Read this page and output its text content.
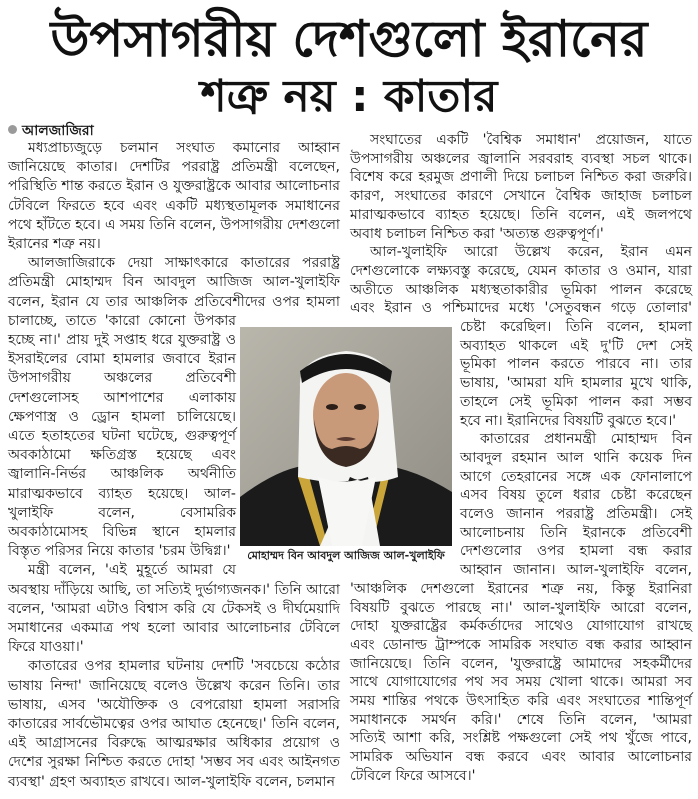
উপসাগরীয় দেশগুলো ইরানের
শত্রু নয় : কাতার
আলজাজিরা
মধ্যপ্রাচ্যজুড়ে চলমান সংঘাত কমানোর আহ্বান
জানিয়েছে কাতার। দেশটির পররাষ্ট্র প্রতিমন্ত্রী বলেছেন,
পরিস্থিতি শান্ত করতে ইরান ও যুক্তরাষ্ট্রকে আবার আলোচনার
টেবিলে ফিরতে হবে এবং একটি মধ্যস্থতামূলক সমাধানের
পথে হাঁটতে হবে। এ সময় তিনি বলেন, উপসাগরীয় দেশগুলো
ইরানের শত্রু নয়।
আলজাজিরাকে দেয়া সাক্ষাৎকারে কাতারের পররাষ্ট্র
প্রতিমন্ত্রী মোহাম্মদ বিন আবদুল আজিজ আল-খুলাইফি
বলেন, ইরান যে তার আঞ্চলিক প্রতিবেশীদের ওপর হামলা
চালাচ্ছে, তাতে 'কারো কোনো উপকার
হচ্ছে না।' প্রায় দুই সপ্তাহ ধরে যুক্তরাষ্ট্র ও
ইসরাইলের বোমা হামলার জবাবে ইরান
উপসাগরীয় অঞ্চলের প্রতিবেশী
দেশগুলোসহ আশপাশের এলাকায়
ক্ষেপণাস্ত্র ও ড্রোন হামলা চালিয়েছে।
এতে হতাহতের ঘটনা ঘটেছে, গুরুত্বপূর্ণ
অবকাঠামো ক্ষতিগ্রস্ত হয়েছে এবং
জ্বালানি-নির্ভর আঞ্চলিক অর্থনীতি
মারাত্মকভাবে ব্যাহত হয়েছে। আল-
খুলাইফি বলেন, বেসামরিক
অবকাঠামোসহ বিভিন্ন স্থানে হামলার
বিস্তৃত পরিসর নিয়ে কাতার 'চরম উদ্বিগ্ন।'
মন্ত্রী বলেন, 'এই মুহূর্তে আমরা যে
অবস্থায় দাঁড়িয়ে আছি, তা সত্যিই দুর্ভাগ্যজনক।' তিনি আরো
বলেন, 'আমরা এটাও বিশ্বাস করি যে টেকসই ও দীর্ঘমেয়াদি
সমাধানের একমাত্র পথ হলো আবার আলোচনার টেবিলে
ফিরে যাওয়া।'
কাতারের ওপর হামলার ঘটনায় দেশটি 'সবচেয়ে কঠোর
ভাষায় নিন্দা' জানিয়েছে বলেও উল্লেখ করেন তিনি। তার
ভাষায়, এসব 'অযৌক্তিক ও বেপরোয়া হামলা সরাসরি
কাতারের সার্বভৌমত্বের ওপর আঘাত হেনেছে।' তিনি বলেন,
এই আগ্রাসনের বিরুদ্ধে আত্মরক্ষার অধিকার প্রয়োগ ও
দেশের সুরক্ষা নিশ্চিত করতে দোহা 'সম্ভব সব এবং আইনগত
ব্যবস্থা' গ্রহণ অব্যাহত রাখবে। আল-খুলাইফি বলেন, চলমান
সংঘাতের একটি 'বৈশ্বিক সমাধান' প্রয়োজন, যাতে
উপসাগরীয় অঞ্চলের জ্বালানি সরবরাহ ব্যবস্থা সচল থাকে।
বিশেষ করে হরমুজ প্রণালী দিয়ে চলাচল নিশ্চিত করা জরুরি।
কারণ, সংঘাতের কারণে সেখানে বৈশ্বিক জাহাজ চলাচল
মারাত্মকভাবে ব্যাহত হয়েছে। তিনি বলেন, এই জলপথে
অবাধ চলাচল নিশ্চিত করা 'অত্যন্ত গুরুত্বপূর্ণ।'
আল-খুলাইফি আরো উল্লেখ করেন, ইরান এমন
দেশগুলোকে লক্ষ্যবস্তু করেছে, যেমন কাতার ও ওমান, যারা
অতীতে আঞ্চলিক মধ্যস্থতাকারীর ভূমিকা পালন করেছে
এবং ইরান ও পশ্চিমাদের মধ্যে 'সেতুবন্ধন গড়ে তোলার'
চেষ্টা করেছিল। তিনি বলেন, হামলা
অব্যাহত থাকলে এই দু'টি দেশ সেই
ভূমিকা পালন করতে পারবে না। তার
ভাষায়, 'আমরা যদি হামলার মুখে থাকি,
তাহলে সেই ভূমিকা পালন করা সম্ভব
হবে না। ইরানিদের বিষয়টি বুঝতে হবে।'
কাতারের প্রধানমন্ত্রী মোহাম্মদ বিন
আবদুল রহমান আল থানি কয়েক দিন
আগে তেহরানের সঙ্গে এক ফোনালাপে
এসব বিষয় তুলে ধরার চেষ্টা করেছেন
বলেও জানান পররাষ্ট্র প্রতিমন্ত্রী। সেই
আলোচনায় তিনি ইরানকে প্রতিবেশী
দেশগুলোর ওপর হামলা বন্ধ করার
আহ্বান জানান। আল-খুলাইফি বলেন,
'আঞ্চলিক দেশগুলো ইরানের শত্রু নয়, কিন্তু ইরানিরা
বিষয়টি বুঝতে পারছে না।' আল-খুলাইফি আরো বলেন,
দোহা যুক্তরাষ্ট্রের কর্মকর্তাদের সাথেও যোগাযোগ রাখছে
এবং ডোনাল্ড ট্রাম্পকে সামরিক সংঘাত বন্ধ করার আহ্বান
জানিয়েছে। তিনি বলেন, 'যুক্তরাষ্ট্রে আমাদের সহকর্মীদের
সাথে যোগাযোগের পথ সব সময় খোলা থাকে। আমরা সব
সময় শান্তির পথকে উৎসাহিত করি এবং সংঘাতের শান্তিপূর্ণ
সমাধানকে সমর্থন করি।' শেষে তিনি বলেন, 'আমরা
সত্যিই আশা করি, সংশ্লিষ্ট পক্ষগুলো সেই পথ খুঁজে পাবে,
সামরিক অভিযান বন্ধ করবে এবং আবার আলোচনার
টেবিলে ফিরে আসবে।'
মোহাম্মদ বিন আবদুল আজিজ আল-খুলাইফি
